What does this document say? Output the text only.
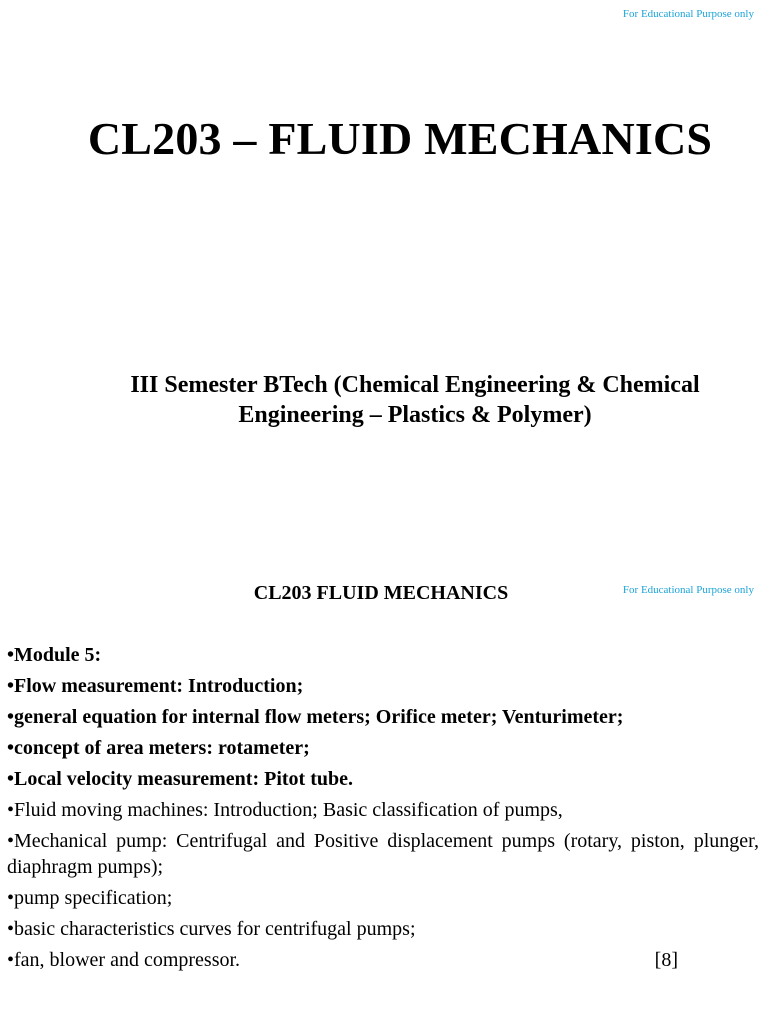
For Educational Purpose only
CL203 – FLUID MECHANICS
III Semester BTech (Chemical Engineering & Chemical
Engineering – Plastics & Polymer)
For Educational Purpose only
CL203 FLUID MECHANICS
•Module 5:
•Flow measurement: Introduction;
•general equation for internal flow meters; Orifice meter; Venturimeter;
•concept of area meters: rotameter;
•Local velocity measurement: Pitot tube.
•Fluid moving machines: Introduction; Basic classification of pumps,
•Mechanical pump: Centrifugal and Positive displacement pumps (rotary, piston, plunger, diaphragm pumps);
•pump specification;
•basic characteristics curves for centrifugal pumps;
•fan, blower and compressor.	[8]
